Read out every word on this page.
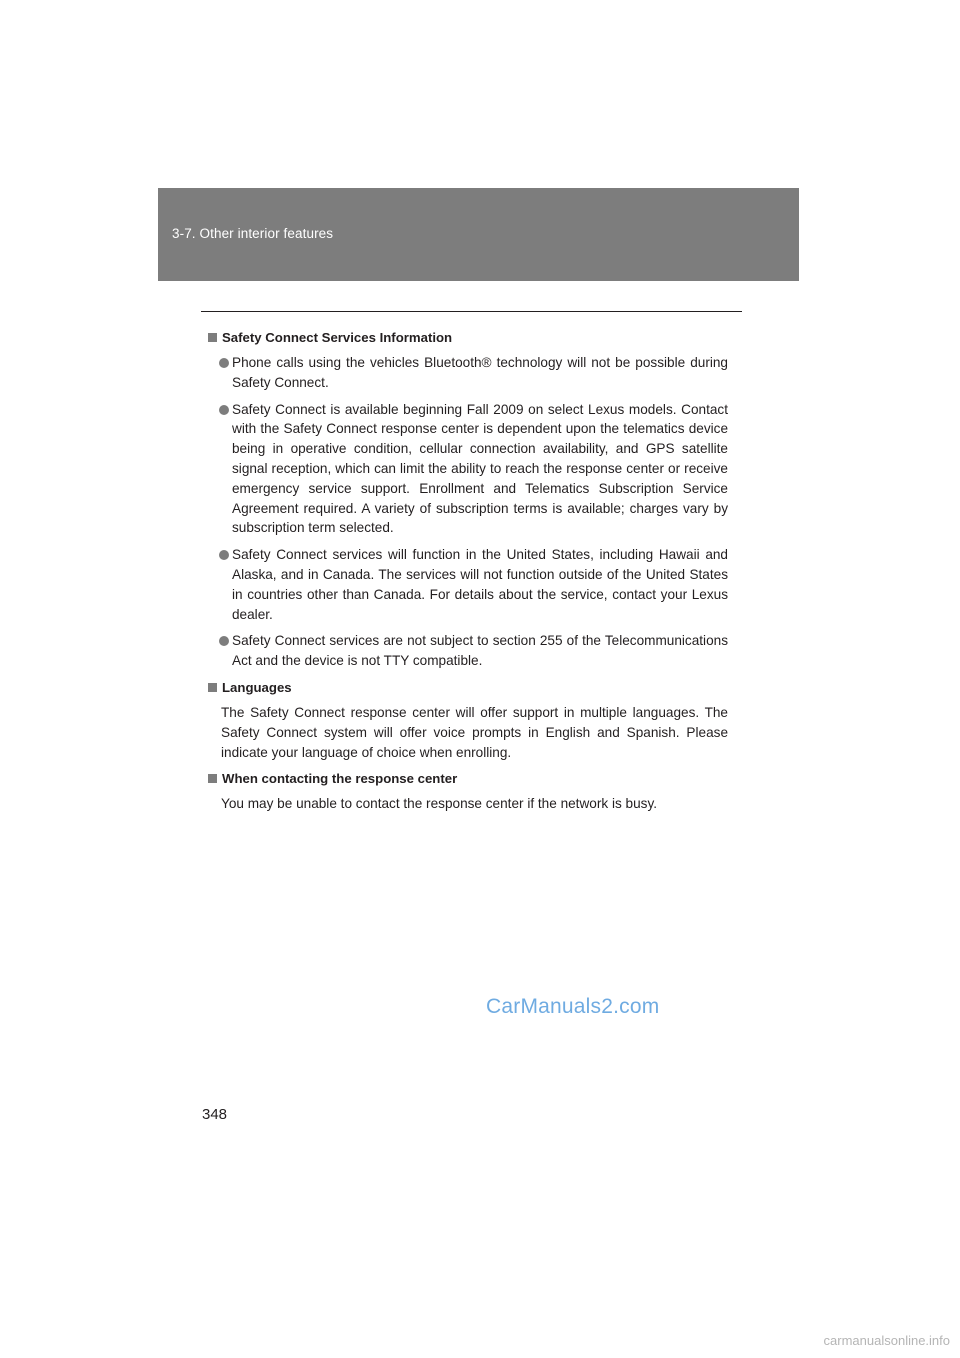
3-7. Other interior features
Safety Connect Services Information

Phone calls using the vehicles Bluetooth® technology will not be possible during Safety Connect.

Safety Connect is available beginning Fall 2009 on select Lexus models. Contact with the Safety Connect response center is dependent upon the telematics device being in operative condition, cellular connection availability, and GPS satellite signal reception, which can limit the ability to reach the response center or receive emergency service support. Enrollment and Telematics Subscription Service Agreement required. A variety of subscription terms is available; charges vary by subscription term selected.

Safety Connect services will function in the United States, including Hawaii and Alaska, and in Canada. The services will not function outside of the United States in countries other than Canada. For details about the service, contact your Lexus dealer.

Safety Connect services are not subject to section 255 of the Telecommunications Act and the device is not TTY compatible.

Languages

The Safety Connect response center will offer support in multiple languages. The Safety Connect system will offer voice prompts in English and Spanish. Please indicate your language of choice when enrolling.

When contacting the response center

You may be unable to contact the response center if the network is busy.

CarManuals2.com
348
carmanualsonline.info
